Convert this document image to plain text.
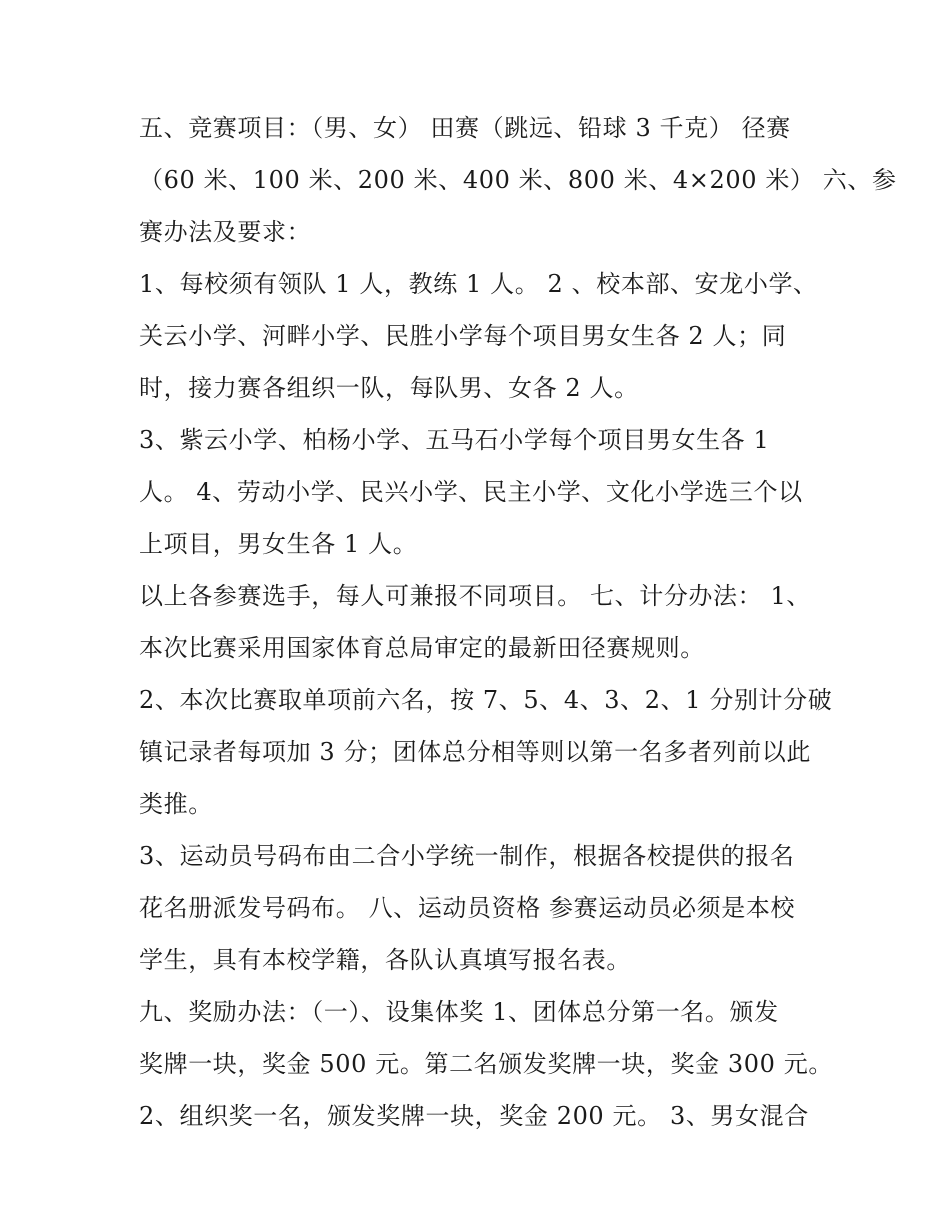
五、竞赛项目：（男、女） 田赛（跳远、铅球 3 千克） 径赛
（60 米、100 米、200 米、400 米、800 米、4×200 米） 六、参
赛办法及要求：
1、每校须有领队 1 人，教练 1 人。 2 、校本部、安龙小学、
关云小学、河畔小学、民胜小学每个项目男女生各 2 人；同
时，接力赛各组织一队，每队男、女各 2 人。
3、紫云小学、柏杨小学、五马石小学每个项目男女生各 1
人。 4、劳动小学、民兴小学、民主小学、文化小学选三个以
上项目，男女生各 1 人。
以上各参赛选手，每人可兼报不同项目。 七、计分办法： 1、
本次比赛采用国家体育总局审定的最新田径赛规则。
2、本次比赛取单项前六名，按 7、5、4、3、2、1 分别计分破
镇记录者每项加 3 分；团体总分相等则以第一名多者列前以此
类推。
3、运动员号码布由二合小学统一制作，根据各校提供的报名
花名册派发号码布。 八、运动员资格 参赛运动员必须是本校
学生，具有本校学籍，各队认真填写报名表。
九、奖励办法：（一）、设集体奖 1、团体总分第一名。颁发
奖牌一块，奖金 500 元。第二名颁发奖牌一块，奖金 300 元。
2、组织奖一名，颁发奖牌一块，奖金 200 元。 3、男女混合
